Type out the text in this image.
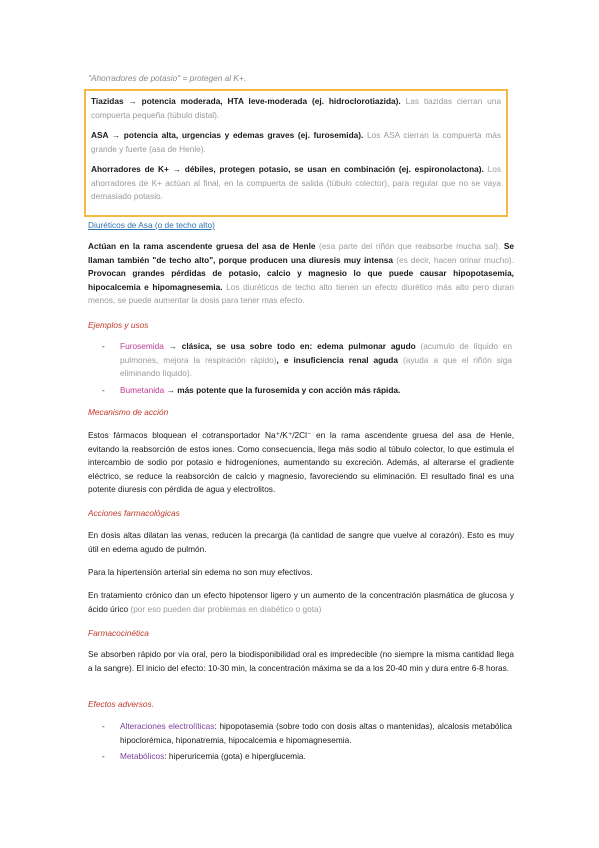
"Ahorradores de potasio" = protegen al K+.

Tiazidas → potencia moderada, HTA leve-moderada (ej. hidroclorotiazida). Las tiazidas cierran una compuerta pequeña (túbulo distal).

ASA → potencia alta, urgencias y edemas graves (ej. furosemida). Los ASA cierran la compuerta más grande y fuerte (asa de Henle).

Ahorradores de K+ → débiles, protegen potasio, se usan en combinación (ej. espironolactona). Los ahorradores de K+ actúan al final, en la compuerta de salida (túbulo colector), para regular que no se vaya demasiado potasio.

Diuréticos de Asa (o de techo alto)

Actúan en la rama ascendente gruesa del asa de Henle (esa parte del riñón que reabsorbe mucha sal). Se llaman también "de techo alto", porque producen una diuresis muy intensa (es decir, hacen orinar mucho). Provocan grandes pérdidas de potasio, calcio y magnesio lo que puede causar hipopotasemia, hipocalcemia e hipomagnesemia. Los diuréticos de techo alto tienen un efecto diurético más alto pero duran menos, se puede aumentar la dosis para tener mas efecto.

Ejemplos y usos
- Furosemida → clásica, se usa sobre todo en: edema pulmonar agudo (acumulo de líquido en pulmones, mejora la respiración rápido), e insuficiencia renal aguda (ayuda a que el riñón siga eliminando líquido).
- Bumetanida → más potente que la furosemida y con acción más rápida.
Mecanismo de acción

Estos fármacos bloquean el cotransportador Na⁺/K⁺/2Cl⁻ en la rama ascendente gruesa del asa de Henle, evitando la reabsorción de estos iones. Como consecuencia, llega más sodio al túbulo colector, lo que estimula el intercambio de sodio por potasio e hidrogeniones, aumentando su excreción. Además, al alterarse el gradiente eléctrico, se reduce la reabsorción de calcio y magnesio, favoreciendo su eliminación. El resultado final es una potente diuresis con pérdida de agua y electrolitos.

Acciones farmacológicas

En dosis altas dilatan las venas, reducen la precarga (la cantidad de sangre que vuelve al corazón). Esto es muy útil en edema agudo de pulmón.

Para la hipertensión arterial sin edema no son muy efectivos.

En tratamiento crónico dan un efecto hipotensor ligero y un aumento de la concentración plasmática de glucosa y ácido úrico (por eso pueden dar problemas en diabético o gota)

Farmacocinética

Se absorben rápido por vía oral, pero la biodisponibilidad oral es impredecible (no siempre la misma cantidad llega a la sangre). El inicio del efecto: 10-30 min, la concentración máxima se da a los 20-40 min y dura entre 6-8 horas.

Efectos adversos.
- Alteraciones electrolíticas: hipopotasemia (sobre todo con dosis altas o mantenidas), alcalosis metabólica hipoclorémica, hiponatremia, hipocalcemia e hipomagnesemia.
- Metabólicos: hiperuricemia (gota) e hiperglucemia.
